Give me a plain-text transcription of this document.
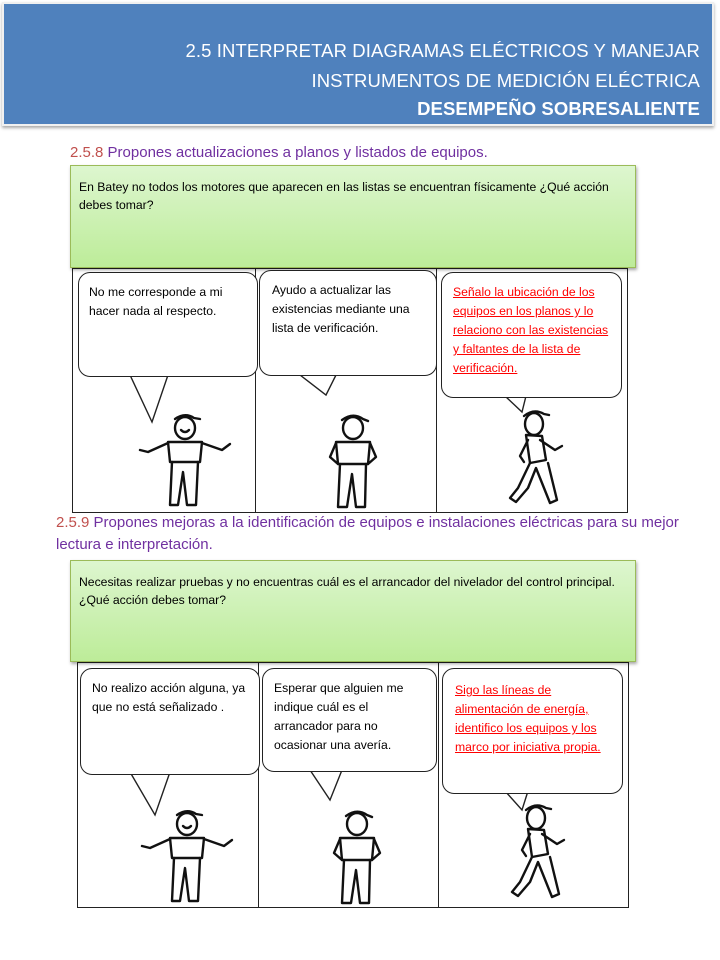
2.5 INTERPRETAR DIAGRAMAS ELÉCTRICOS Y MANEJAR
INSTRUMENTOS DE MEDICIÓN ELÉCTRICA
DESEMPEÑO SOBRESALIENTE
2.5.8 Propones actualizaciones a planos y listados de equipos.
En Batey no todos los motores que aparecen en las listas se encuentran físicamente ¿Qué acción debes tomar?
No me corresponde a mi hacer nada al respecto.
Ayudo a actualizar las existencias mediante una lista de verificación.
Señalo la ubicación de los equipos en los planos y lo relaciono con las existencias y faltantes de la lista de verificación.
2.5.9 Propones mejoras a la identificación de equipos e instalaciones eléctricas para su mejor lectura e interpretación.
Necesitas realizar pruebas y no encuentras cuál es el arrancador del nivelador del control principal. ¿Qué acción debes tomar?
No realizo acción alguna, ya que no está señalizado .
Esperar que alguien me indique cuál es el arrancador para no ocasionar una avería.
Sigo las líneas de alimentación de energía, identifico los equipos y los marco por iniciativa propia.
